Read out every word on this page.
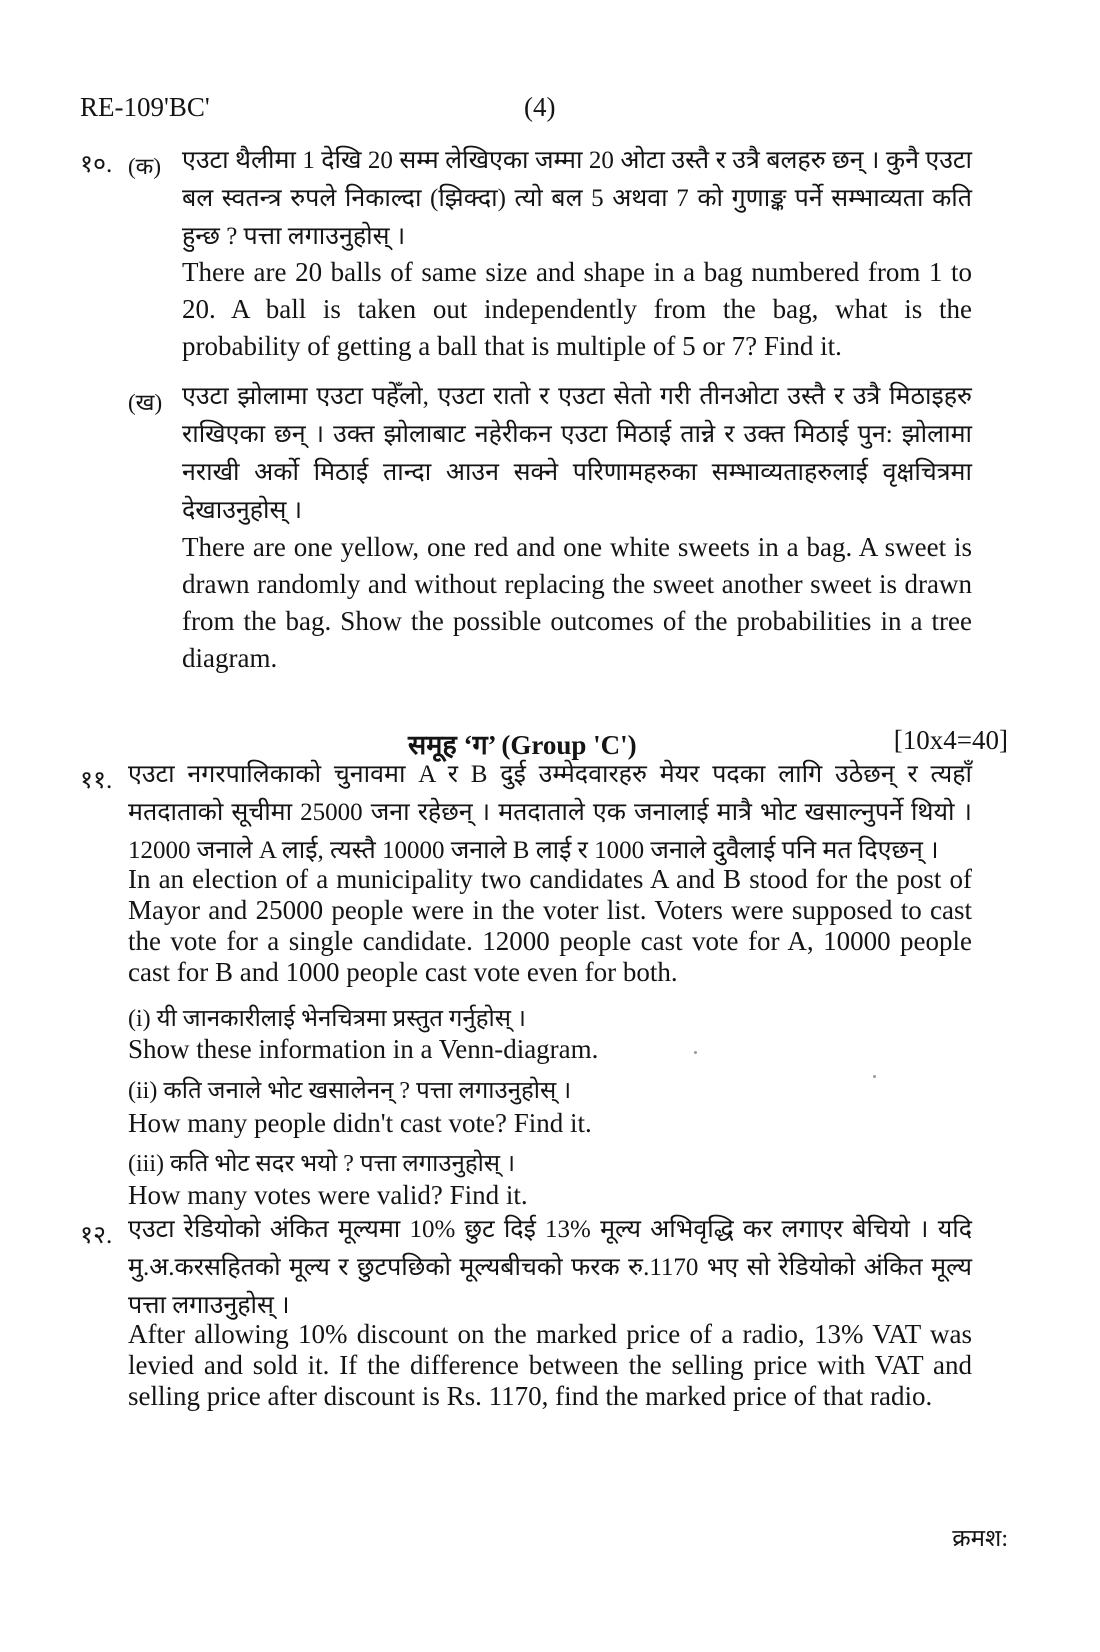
RE-109'BC'	(4)
१०. (क) एउटा थैलीमा 1 देखि 20 सम्म लेखिएका जम्मा 20 ओटा उस्तै र उत्रै बलहरु छन् । कुनै एउटा बल स्वतन्त्र रुपले निकाल्दा (झिक्दा) त्यो बल 5 अथवा 7 को गुणाङ्क पर्ने सम्भाव्यता कति हुन्छ ? पत्ता लगाउनुहोस् ।
There are 20 balls of same size and shape in a bag numbered from 1 to 20. A ball is taken out independently from the bag, what is the probability of getting a ball that is multiple of 5 or 7? Find it.
(ख) एउटा झोलामा एउटा पहेँलो, एउटा रातो र एउटा सेतो गरी तीनओटा उस्तै र उत्रै मिठाइहरु राखिएका छन् । उक्त झोलाबाट नहेरीकन एउटा मिठाई तान्ने र उक्त मिठाई पुन: झोलामा नराखी अर्को मिठाई तान्दा आउन सक्ने परिणामहरुका सम्भाव्यताहरुलाई वृक्षचित्रमा देखाउनुहोस् ।
There are one yellow, one red and one white sweets in a bag. A sweet is drawn randomly and without replacing the sweet another sweet is drawn from the bag. Show the possible outcomes of the probabilities in a tree diagram.
समूह ‘ग’ (Group 'C')	[10x4=40]
११. एउटा नगरपालिकाको चुनावमा A र B दुई उम्मेदवारहरु मेयर पदका लागि उठेछन् र त्यहाँ मतदाताको सूचीमा 25000 जना रहेछन् । मतदाताले एक जनालाई मात्रै भोट खसाल्नुपर्ने थियो । 12000 जनाले A लाई, त्यस्तै 10000 जनाले B लाई र 1000 जनाले दुवैलाई पनि मत दिएछन् ।
In an election of a municipality two candidates A and B stood for the post of Mayor and 25000 people were in the voter list. Voters were supposed to cast the vote for a single candidate. 12000 people cast vote for A, 10000 people cast for B and 1000 people cast vote even for both.
(i) यी जानकारीलाई भेनचित्रमा प्रस्तुत गर्नुहोस् ।
Show these information in a Venn-diagram.
(ii) कति जनाले भोट खसालेनन् ? पत्ता लगाउनुहोस् ।
How many people didn't cast vote? Find it.
(iii) कति भोट सदर भयो ? पत्ता लगाउनुहोस् ।
How many votes were valid? Find it.
१२. एउटा रेडियोको अंकित मूल्यमा 10% छुट दिई 13% मूल्य अभिवृद्धि कर लगाएर बेचियो । यदि मु.अ.करसहितको मूल्य र छुटपछिको मूल्यबीचको फरक रु.1170 भए सो रेडियोको अंकित मूल्य पत्ता लगाउनुहोस् ।
After allowing 10% discount on the marked price of a radio, 13% VAT was levied and sold it. If the difference between the selling price with VAT and selling price after discount is Rs. 1170, find the marked price of that radio.
क्रमश:
